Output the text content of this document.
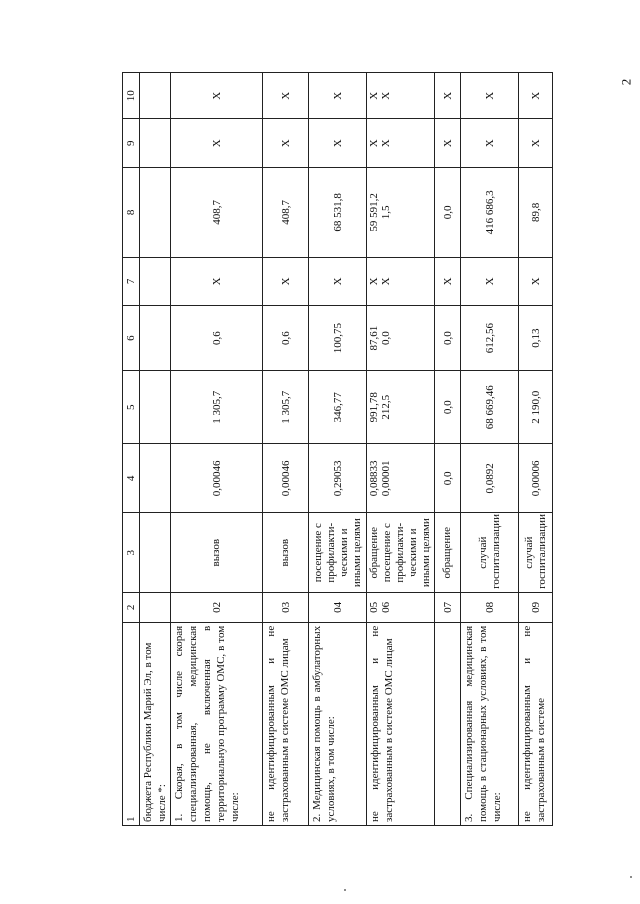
2
1	2	3	4	5	6	7	8	9	10
бюджета Республики Марий Эл, в том числе *:									
1. Скорая, в том числе скорая специализированная, медицинская помощь, не включенная в территориальную программу ОМС, в том числе:	02	вызов	0,00046	1 305,7	0,6	Х	408,7	Х	Х
не идентифицированным и не застрахованным в системе ОМС лицам	03	вызов	0,00046	1 305,7	0,6	Х	408,7	Х	Х
2. Медицинская помощь в амбулаторных условиях, в том числе:	04	посещение с профилакти-ческими и иными целями	0,29053	346,77	100,75	Х	68 531,8	Х	Х
не идентифицированным и не застрахованным в системе ОМС лицам	05 06	обращение посещение с профилакти-ческими и иными целями	0,08833 0,00001	991,78 212,5	87,61 0,0	Х Х	59 591,2 1,5	Х Х	Х Х

	07	обращение	0,0	0,0	0,0	Х	0,0	Х	Х
3. Специализированная медицинская помощь в стационарных условиях, в том числе:	08	случай госпитализации	0,0892	68 669,46	612,56	Х	416 686,3	Х	Х
не идентифицированным и не застрахованным в системе	09	случай госпитализации	0,00006	2 190,0	0,13	Х	89,8	Х	Х
